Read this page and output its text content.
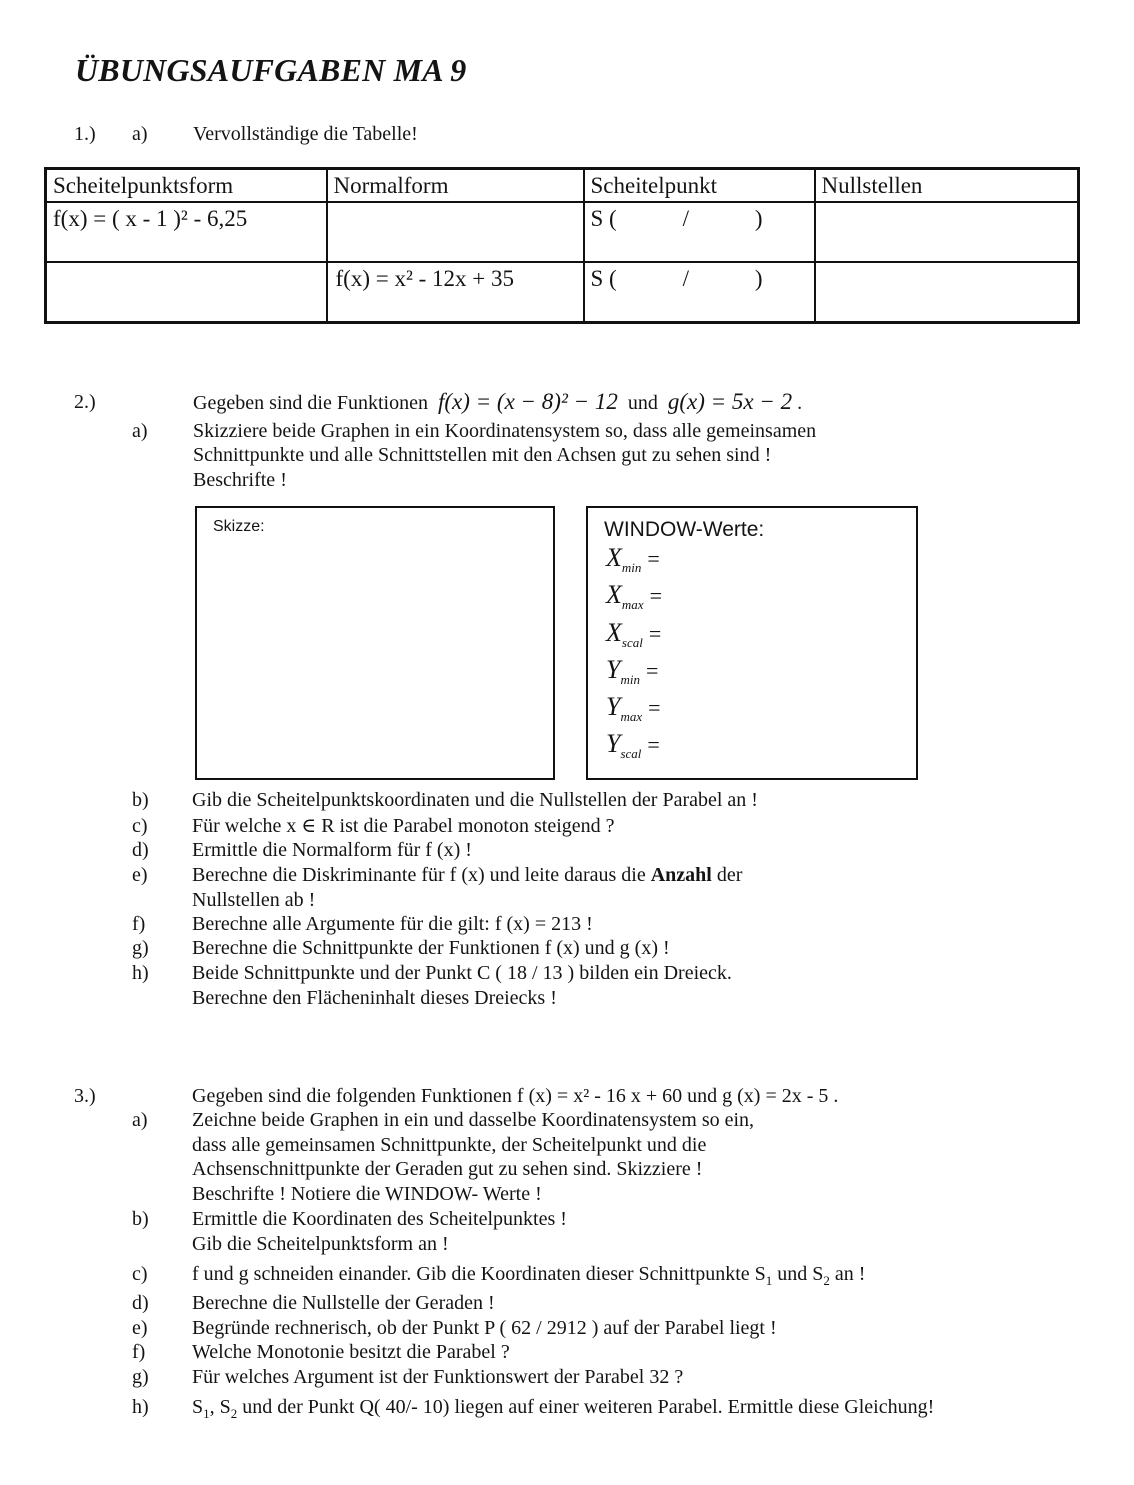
ÜBUNGSAUFGABEN MA 9
1.) a) Vervollständige die Tabelle!
Scheitelpunktsform	Normalform	Scheitelpunkt	Nullstellen
f(x) = ( x - 1 )² - 6,25		S ( / )	

	f(x) = x² - 12x + 35	S ( / )	

2.)	Gegeben sind die Funktionen f(x) = (x − 8)² − 12 und g(x) = 5x − 2 .
a) Skizziere beide Graphen in ein Koordinatensystem so, dass alle gemeinsamen
Schnittpunkte und alle Schnittstellen mit den Achsen gut zu sehen sind !
Beschrifte !
Skizze:	WINDOW-Werte:
$X_{min}$ =
$X_{max}$ =
$X_{scal}$ =
$Y_{min}$ =
$Y_{max}$ =
$Y_{scal}$ =
b) Gib die Scheitelpunktskoordinaten und die Nullstellen der Parabel an !
c) Für welche x ∈ R ist die Parabel monoton steigend ?
d) Ermittle die Normalform für f (x) !
e) Berechne die Diskriminante für f (x) und leite daraus die Anzahl der
Nullstellen ab !
f) Berechne alle Argumente für die gilt: f (x) = 213 !
g) Berechne die Schnittpunkte der Funktionen f (x) und g (x) !
h) Beide Schnittpunkte und der Punkt C ( 18 / 13 ) bilden ein Dreieck.
Berechne den Flächeninhalt dieses Dreiecks !
3.)	Gegeben sind die folgenden Funktionen f (x) = x² - 16 x + 60 und g (x) = 2x - 5 .
a) Zeichne beide Graphen in ein und dasselbe Koordinatensystem so ein,
dass alle gemeinsamen Schnittpunkte, der Scheitelpunkt und die
Achsenschnittpunkte der Geraden gut zu sehen sind. Skizziere !
Beschrifte ! Notiere die WINDOW- Werte !
b) Ermittle die Koordinaten des Scheitelpunktes !
Gib die Scheitelpunktsform an !
c) f und g schneiden einander. Gib die Koordinaten dieser Schnittpunkte $S_1$ und $S_2$ an !
d) Berechne die Nullstelle der Geraden !
e) Begründe rechnerisch, ob der Punkt P ( 62 / 2912 ) auf der Parabel liegt !
f) Welche Monotonie besitzt die Parabel ?
g) Für welches Argument ist der Funktionswert der Parabel 32 ?
h) $S_1$, $S_2$ und der Punkt Q( 40/- 10) liegen auf einer weiteren Parabel. Ermittle diese Gleichung!
